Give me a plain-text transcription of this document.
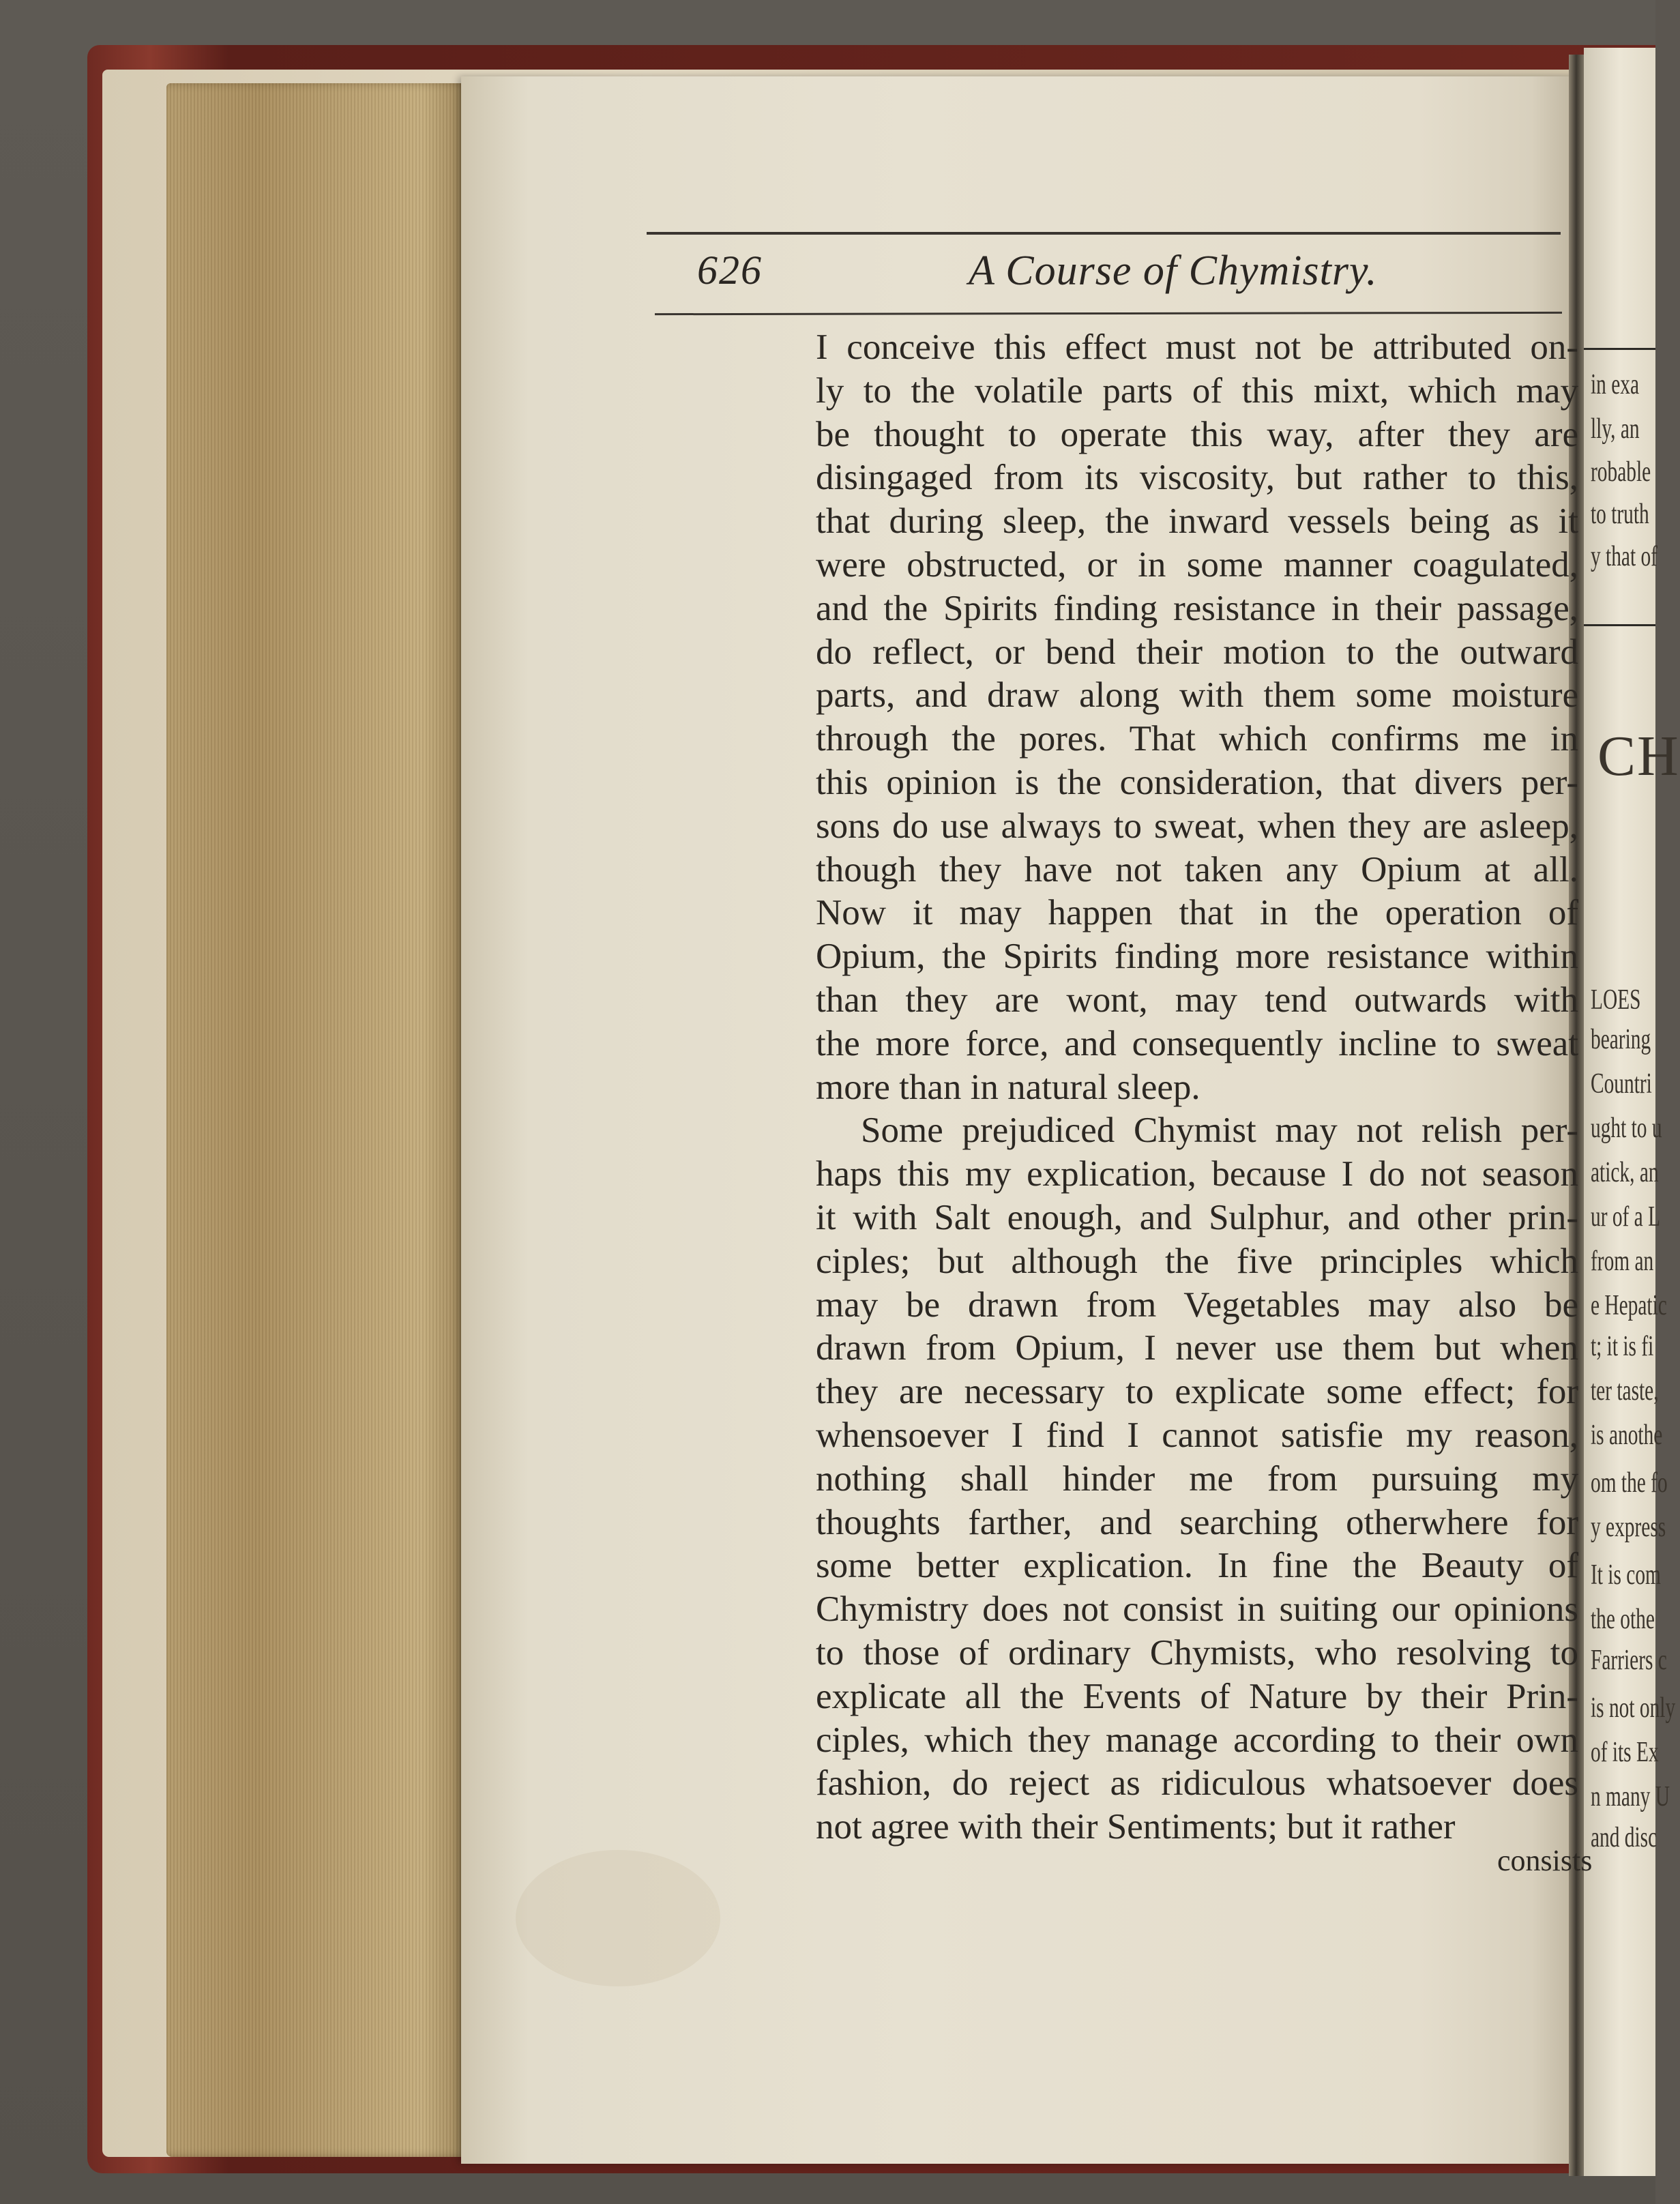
in exa
lly, an
robable
to truth
y that of
CH
LOES
bearing
Countri
ught to u
atick, an
ur of a L
from an
e Hepatic
t; it is fi
ter taste,
is anothe
om the fo
y express
It is com
the othe
Farriers c
is not only
of its Ex
n many U
and disc
626	A Course of Chymistry.
I conceive this effect must not be attributed on-
ly to the volatile parts of this mixt, which may
be thought to operate this way, after they are
disingaged from its viscosity, but rather to this,
that during sleep, the inward vessels being as it
were obstructed, or in some manner coagulated,
and the Spirits finding resistance in their passage,
do reflect, or bend their motion to the outward
parts, and draw along with them some moisture
through the pores. That which confirms me in
this opinion is the consideration, that divers per-
sons do use always to sweat, when they are asleep,
though they have not taken any Opium at all.
Now it may happen that in the operation of
Opium, the Spirits finding more resistance within
than they are wont, may tend outwards with
the more force, and consequently incline to sweat
more than in natural sleep.
Some prejudiced Chymist may not relish per-
haps this my explication, because I do not season
it with Salt enough, and Sulphur, and other prin-
ciples; but although the five principles which
may be drawn from Vegetables may also be
drawn from Opium, I never use them but when
they are necessary to explicate some effect; for
whensoever I find I cannot satisfie my reason,
nothing shall hinder me from pursuing my
thoughts farther, and searching otherwhere for
some better explication. In fine the Beauty of
Chymistry does not consist in suiting our opinions
to those of ordinary Chymists, who resolving to
explicate all the Events of Nature by their Prin-
ciples, which they manage according to their own
fashion, do reject as ridiculous whatsoever does
not agree with their Sentiments; but it rather
consists
